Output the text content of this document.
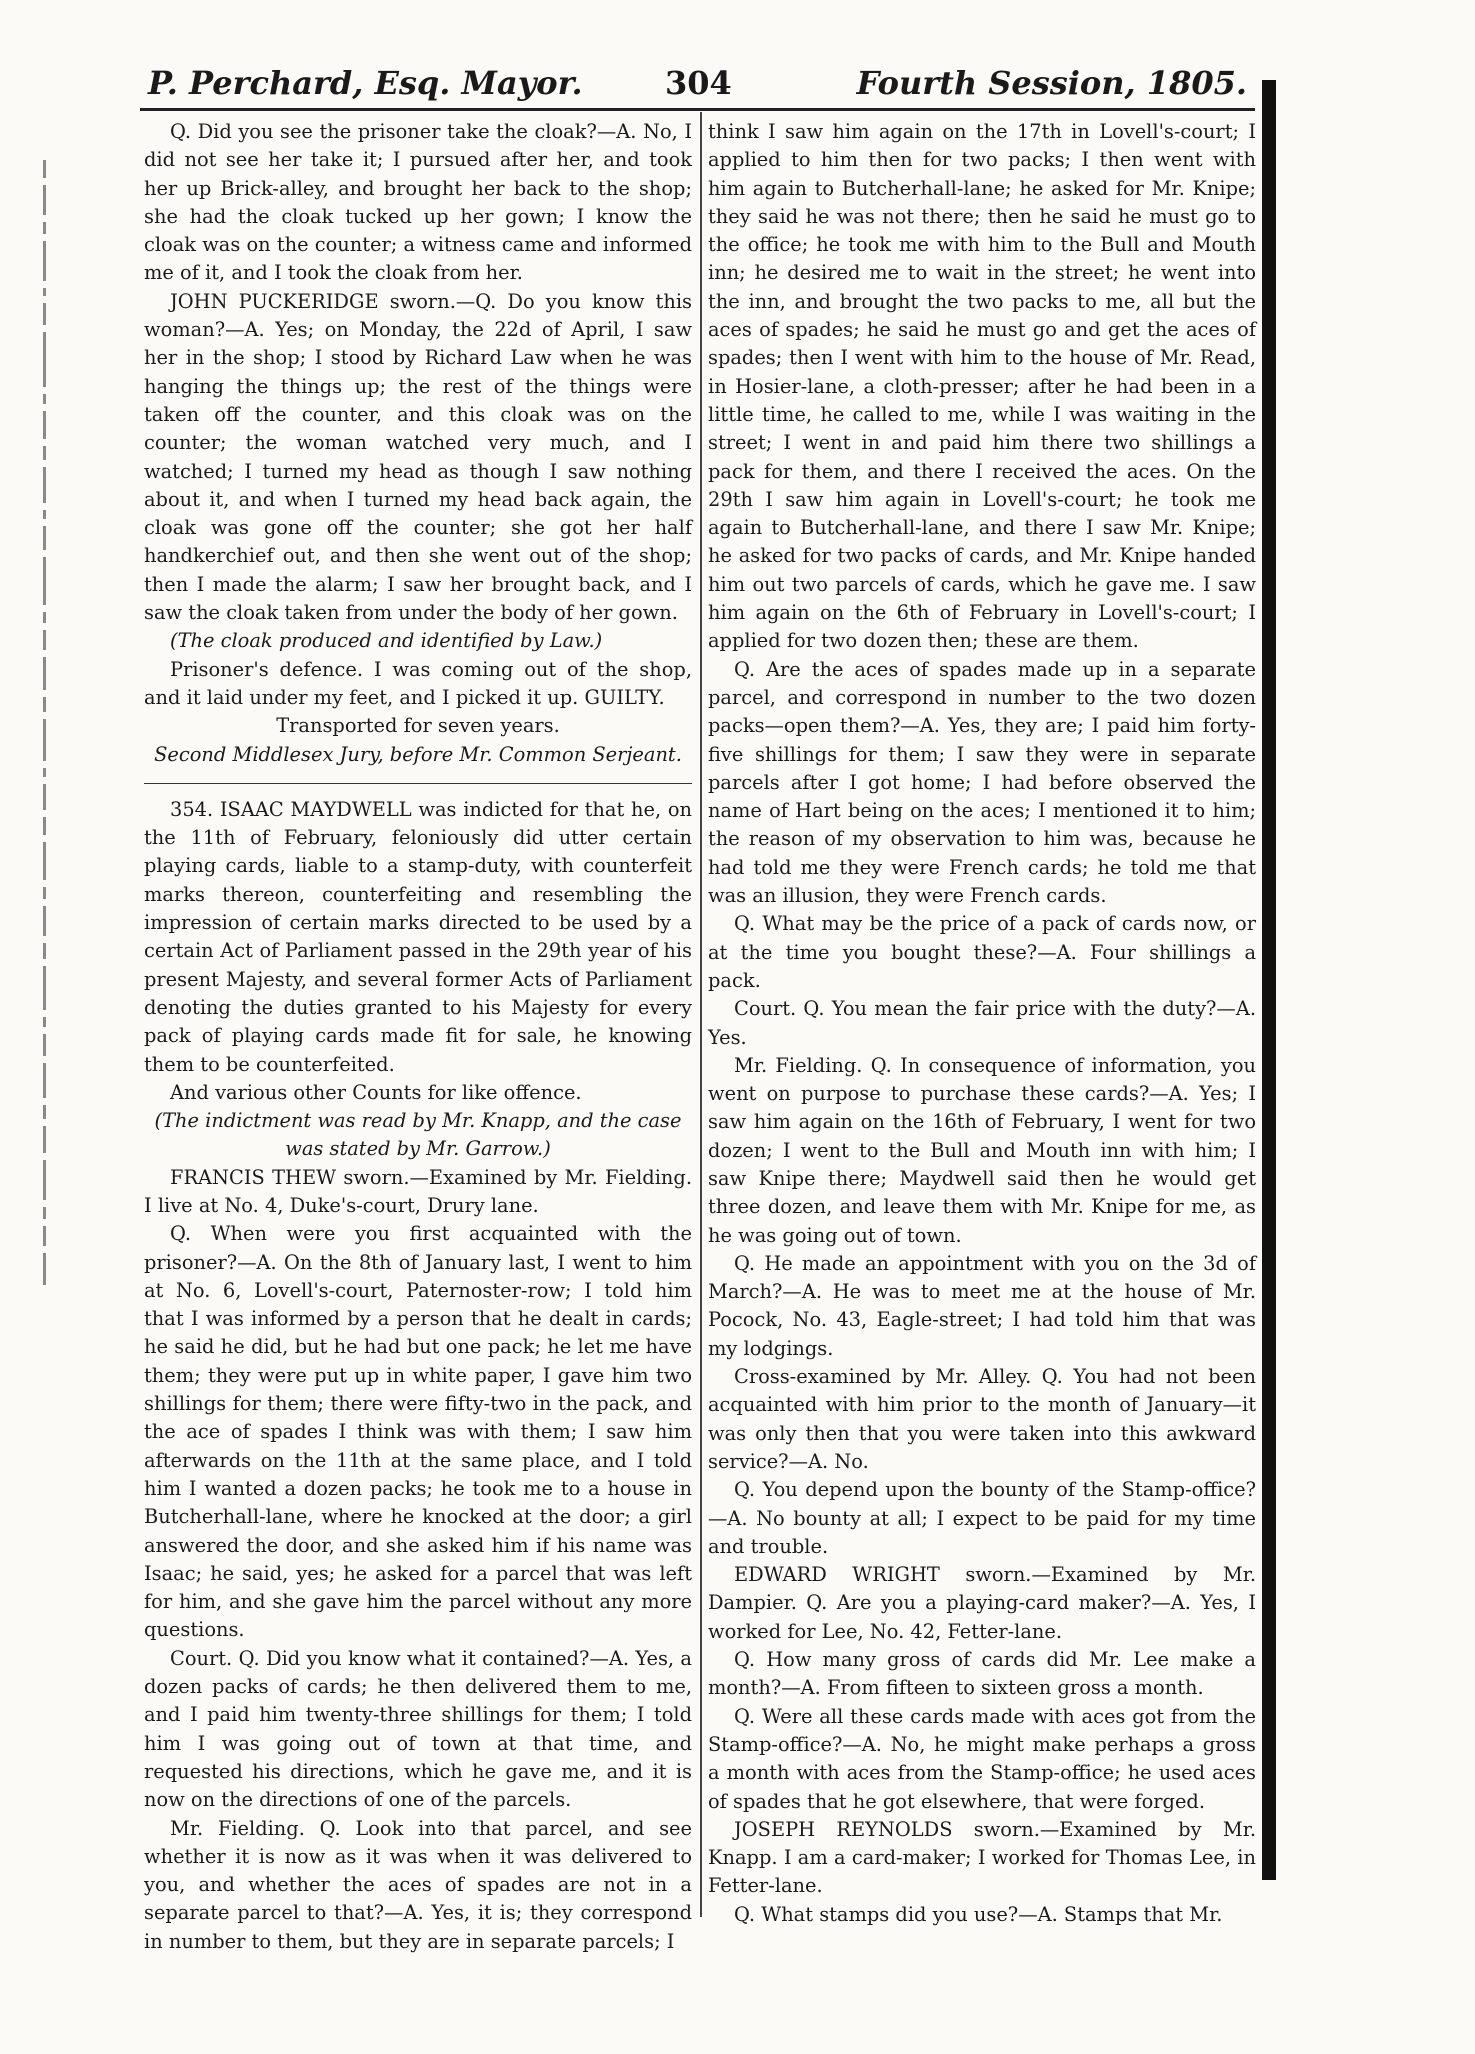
P. Perchard, Esq. Mayor.	304	Fourth Session, 1805.

Q. Did you see the prisoner take the cloak?—A. No, I did not see her take it; I pursued after her, and took her up Brick-alley, and brought her back to the shop; she had the cloak tucked up her gown; I know the cloak was on the counter; a witness came and informed me of it, and I took the cloak from her.

JOHN PUCKERIDGE sworn.—Q. Do you know this woman?—A. Yes; on Monday, the 22d of April, I saw her in the shop; I stood by Richard Law when he was hanging the things up; the rest of the things were taken off the counter, and this cloak was on the counter; the woman watched very much, and I watched; I turned my head as though I saw nothing about it, and when I turned my head back again, the cloak was gone off the counter; she got her half handkerchief out, and then she went out of the shop; then I made the alarm; I saw her brought back, and I saw the cloak taken from under the body of her gown.

(The cloak produced and identified by Law.)

Prisoner's defence. I was coming out of the shop, and it laid under my feet, and I picked it up. GUILTY.

Transported for seven years.

Second Middlesex Jury, before Mr. Common Serjeant.

354. ISAAC MAYDWELL was indicted for that he, on the 11th of February, feloniously did utter certain playing cards, liable to a stamp-duty, with counterfeit marks thereon, counterfeiting and resembling the impression of certain marks directed to be used by a certain Act of Parliament passed in the 29th year of his present Majesty, and several former Acts of Parliament denoting the duties granted to his Majesty for every pack of playing cards made fit for sale, he knowing them to be counterfeited.

And various other Counts for like offence.

(The indictment was read by Mr. Knapp, and the case was stated by Mr. Garrow.)

FRANCIS THEW sworn.—Examined by Mr. Fielding. I live at No. 4, Duke's-court, Drury lane.

Q. When were you first acquainted with the prisoner?—A. On the 8th of January last, I went to him at No. 6, Lovell's-court, Paternoster-row; I told him that I was informed by a person that he dealt in cards; he said he did, but he had but one pack; he let me have them; they were put up in white paper, I gave him two shillings for them; there were fifty-two in the pack, and the ace of spades I think was with them; I saw him afterwards on the 11th at the same place, and I told him I wanted a dozen packs; he took me to a house in Butcherhall-lane, where he knocked at the door; a girl answered the door, and she asked him if his name was Isaac; he said, yes; he asked for a parcel that was left for him, and she gave him the parcel without any more questions.

Court. Q. Did you know what it contained?—A. Yes, a dozen packs of cards; he then delivered them to me, and I paid him twenty-three shillings for them; I told him I was going out of town at that time, and requested his directions, which he gave me, and it is now on the directions of one of the parcels.

Mr. Fielding. Q. Look into that parcel, and see whether it is now as it was when it was delivered to you, and whether the aces of spades are not in a separate parcel to that?—A. Yes, it is; they correspond in number to them, but they are in separate parcels; I

think I saw him again on the 17th in Lovell's-court; I applied to him then for two packs; I then went with him again to Butcherhall-lane; he asked for Mr. Knipe; they said he was not there; then he said he must go to the office; he took me with him to the Bull and Mouth inn; he desired me to wait in the street; he went into the inn, and brought the two packs to me, all but the aces of spades; he said he must go and get the aces of spades; then I went with him to the house of Mr. Read, in Hosier-lane, a cloth-presser; after he had been in a little time, he called to me, while I was waiting in the street; I went in and paid him there two shillings a pack for them, and there I received the aces. On the 29th I saw him again in Lovell's-court; he took me again to Butcherhall-lane, and there I saw Mr. Knipe; he asked for two packs of cards, and Mr. Knipe handed him out two parcels of cards, which he gave me. I saw him again on the 6th of February in Lovell's-court; I applied for two dozen then; these are them.

Q. Are the aces of spades made up in a separate parcel, and correspond in number to the two dozen packs—open them?—A. Yes, they are; I paid him forty-five shillings for them; I saw they were in separate parcels after I got home; I had before observed the name of Hart being on the aces; I mentioned it to him; the reason of my observation to him was, because he had told me they were French cards; he told me that was an illusion, they were French cards.

Q. What may be the price of a pack of cards now, or at the time you bought these?—A. Four shillings a pack.

Court. Q. You mean the fair price with the duty?—A. Yes.

Mr. Fielding. Q. In consequence of information, you went on purpose to purchase these cards?—A. Yes; I saw him again on the 16th of February, I went for two dozen; I went to the Bull and Mouth inn with him; I saw Knipe there; Maydwell said then he would get three dozen, and leave them with Mr. Knipe for me, as he was going out of town.

Q. He made an appointment with you on the 3d of March?—A. He was to meet me at the house of Mr. Pocock, No. 43, Eagle-street; I had told him that was my lodgings.

Cross-examined by Mr. Alley. Q. You had not been acquainted with him prior to the month of January—it was only then that you were taken into this awkward service?—A. No.

Q. You depend upon the bounty of the Stamp-office?—A. No bounty at all; I expect to be paid for my time and trouble.

EDWARD WRIGHT sworn.—Examined by Mr. Dampier. Q. Are you a playing-card maker?—A. Yes, I worked for Lee, No. 42, Fetter-lane.

Q. How many gross of cards did Mr. Lee make a month?—A. From fifteen to sixteen gross a month.

Q. Were all these cards made with aces got from the Stamp-office?—A. No, he might make perhaps a gross a month with aces from the Stamp-office; he used aces of spades that he got elsewhere, that were forged.

JOSEPH REYNOLDS sworn.—Examined by Mr. Knapp. I am a card-maker; I worked for Thomas Lee, in Fetter-lane.

Q. What stamps did you use?—A. Stamps that Mr.
